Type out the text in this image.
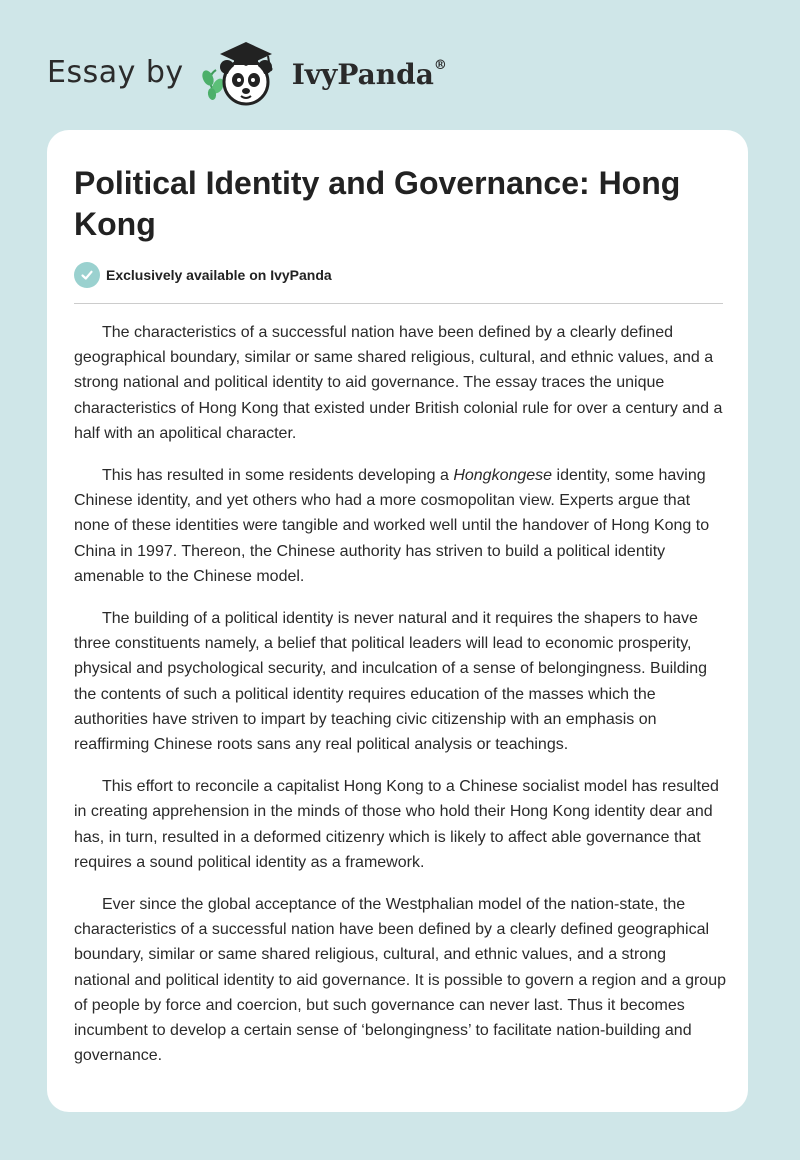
Essay by	IvyPanda®
Political Identity and Governance: Hong Kong
Exclusively available on IvyPanda

The characteristics of a successful nation have been defined by a clearly defined geographical boundary, similar or same shared religious, cultural, and ethnic values, and a strong national and political identity to aid governance. The essay traces the unique characteristics of Hong Kong that existed under British colonial rule for over a century and a half with an apolitical character.

This has resulted in some residents developing a Hongkongese identity, some having Chinese identity, and yet others who had a more cosmopolitan view. Experts argue that none of these identities were tangible and worked well until the handover of Hong Kong to China in 1997. Thereon, the Chinese authority has striven to build a political identity amenable to the Chinese model.

The building of a political identity is never natural and it requires the shapers to have three constituents namely, a belief that political leaders will lead to economic prosperity, physical and psychological security, and inculcation of a sense of belongingness. Building the contents of such a political identity requires education of the masses which the authorities have striven to impart by teaching civic citizenship with an emphasis on reaffirming Chinese roots sans any real political analysis or teachings.

This effort to reconcile a capitalist Hong Kong to a Chinese socialist model has resulted in creating apprehension in the minds of those who hold their Hong Kong identity dear and has, in turn, resulted in a deformed citizenry which is likely to affect able governance that requires a sound political identity as a framework.

Ever since the global acceptance of the Westphalian model of the nation-state, the characteristics of a successful nation have been defined by a clearly defined geographical boundary, similar or same shared religious, cultural, and ethnic values, and a strong national and political identity to aid governance. It is possible to govern a region and a group of people by force and coercion, but such governance can never last. Thus it becomes incumbent to develop a certain sense of ‘belongingness’ to facilitate nation-building and governance.
